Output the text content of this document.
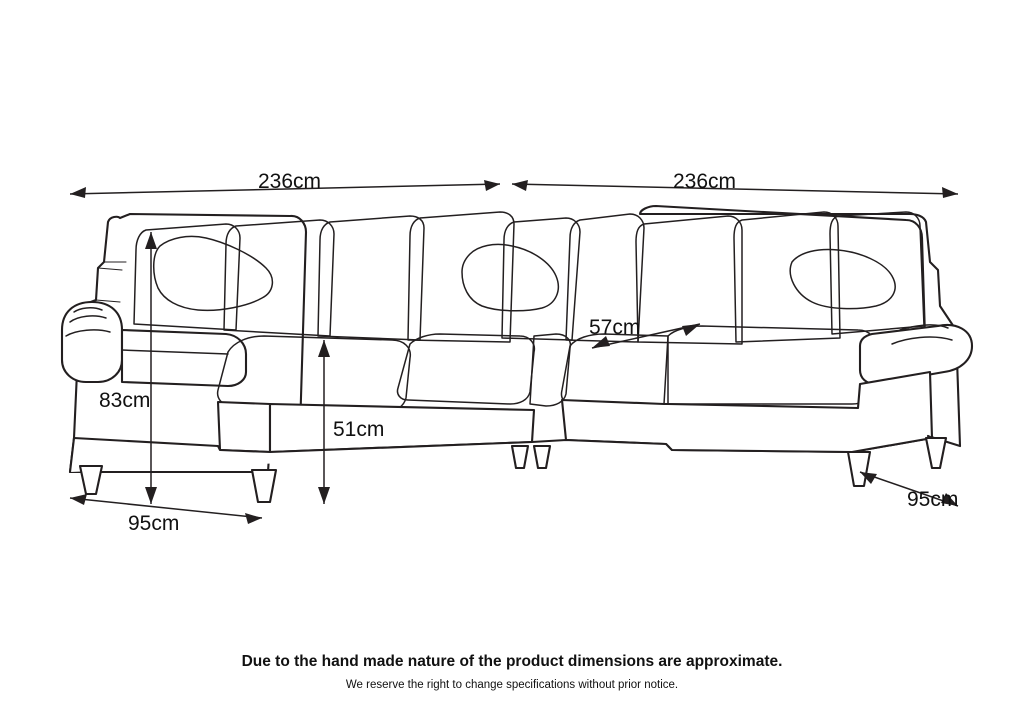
236cm	236cm
83cm
51cm
57cm
95cm
95cm
Due to the hand made nature of the product dimensions are approximate.
We reserve the right to change specifications without prior notice.
